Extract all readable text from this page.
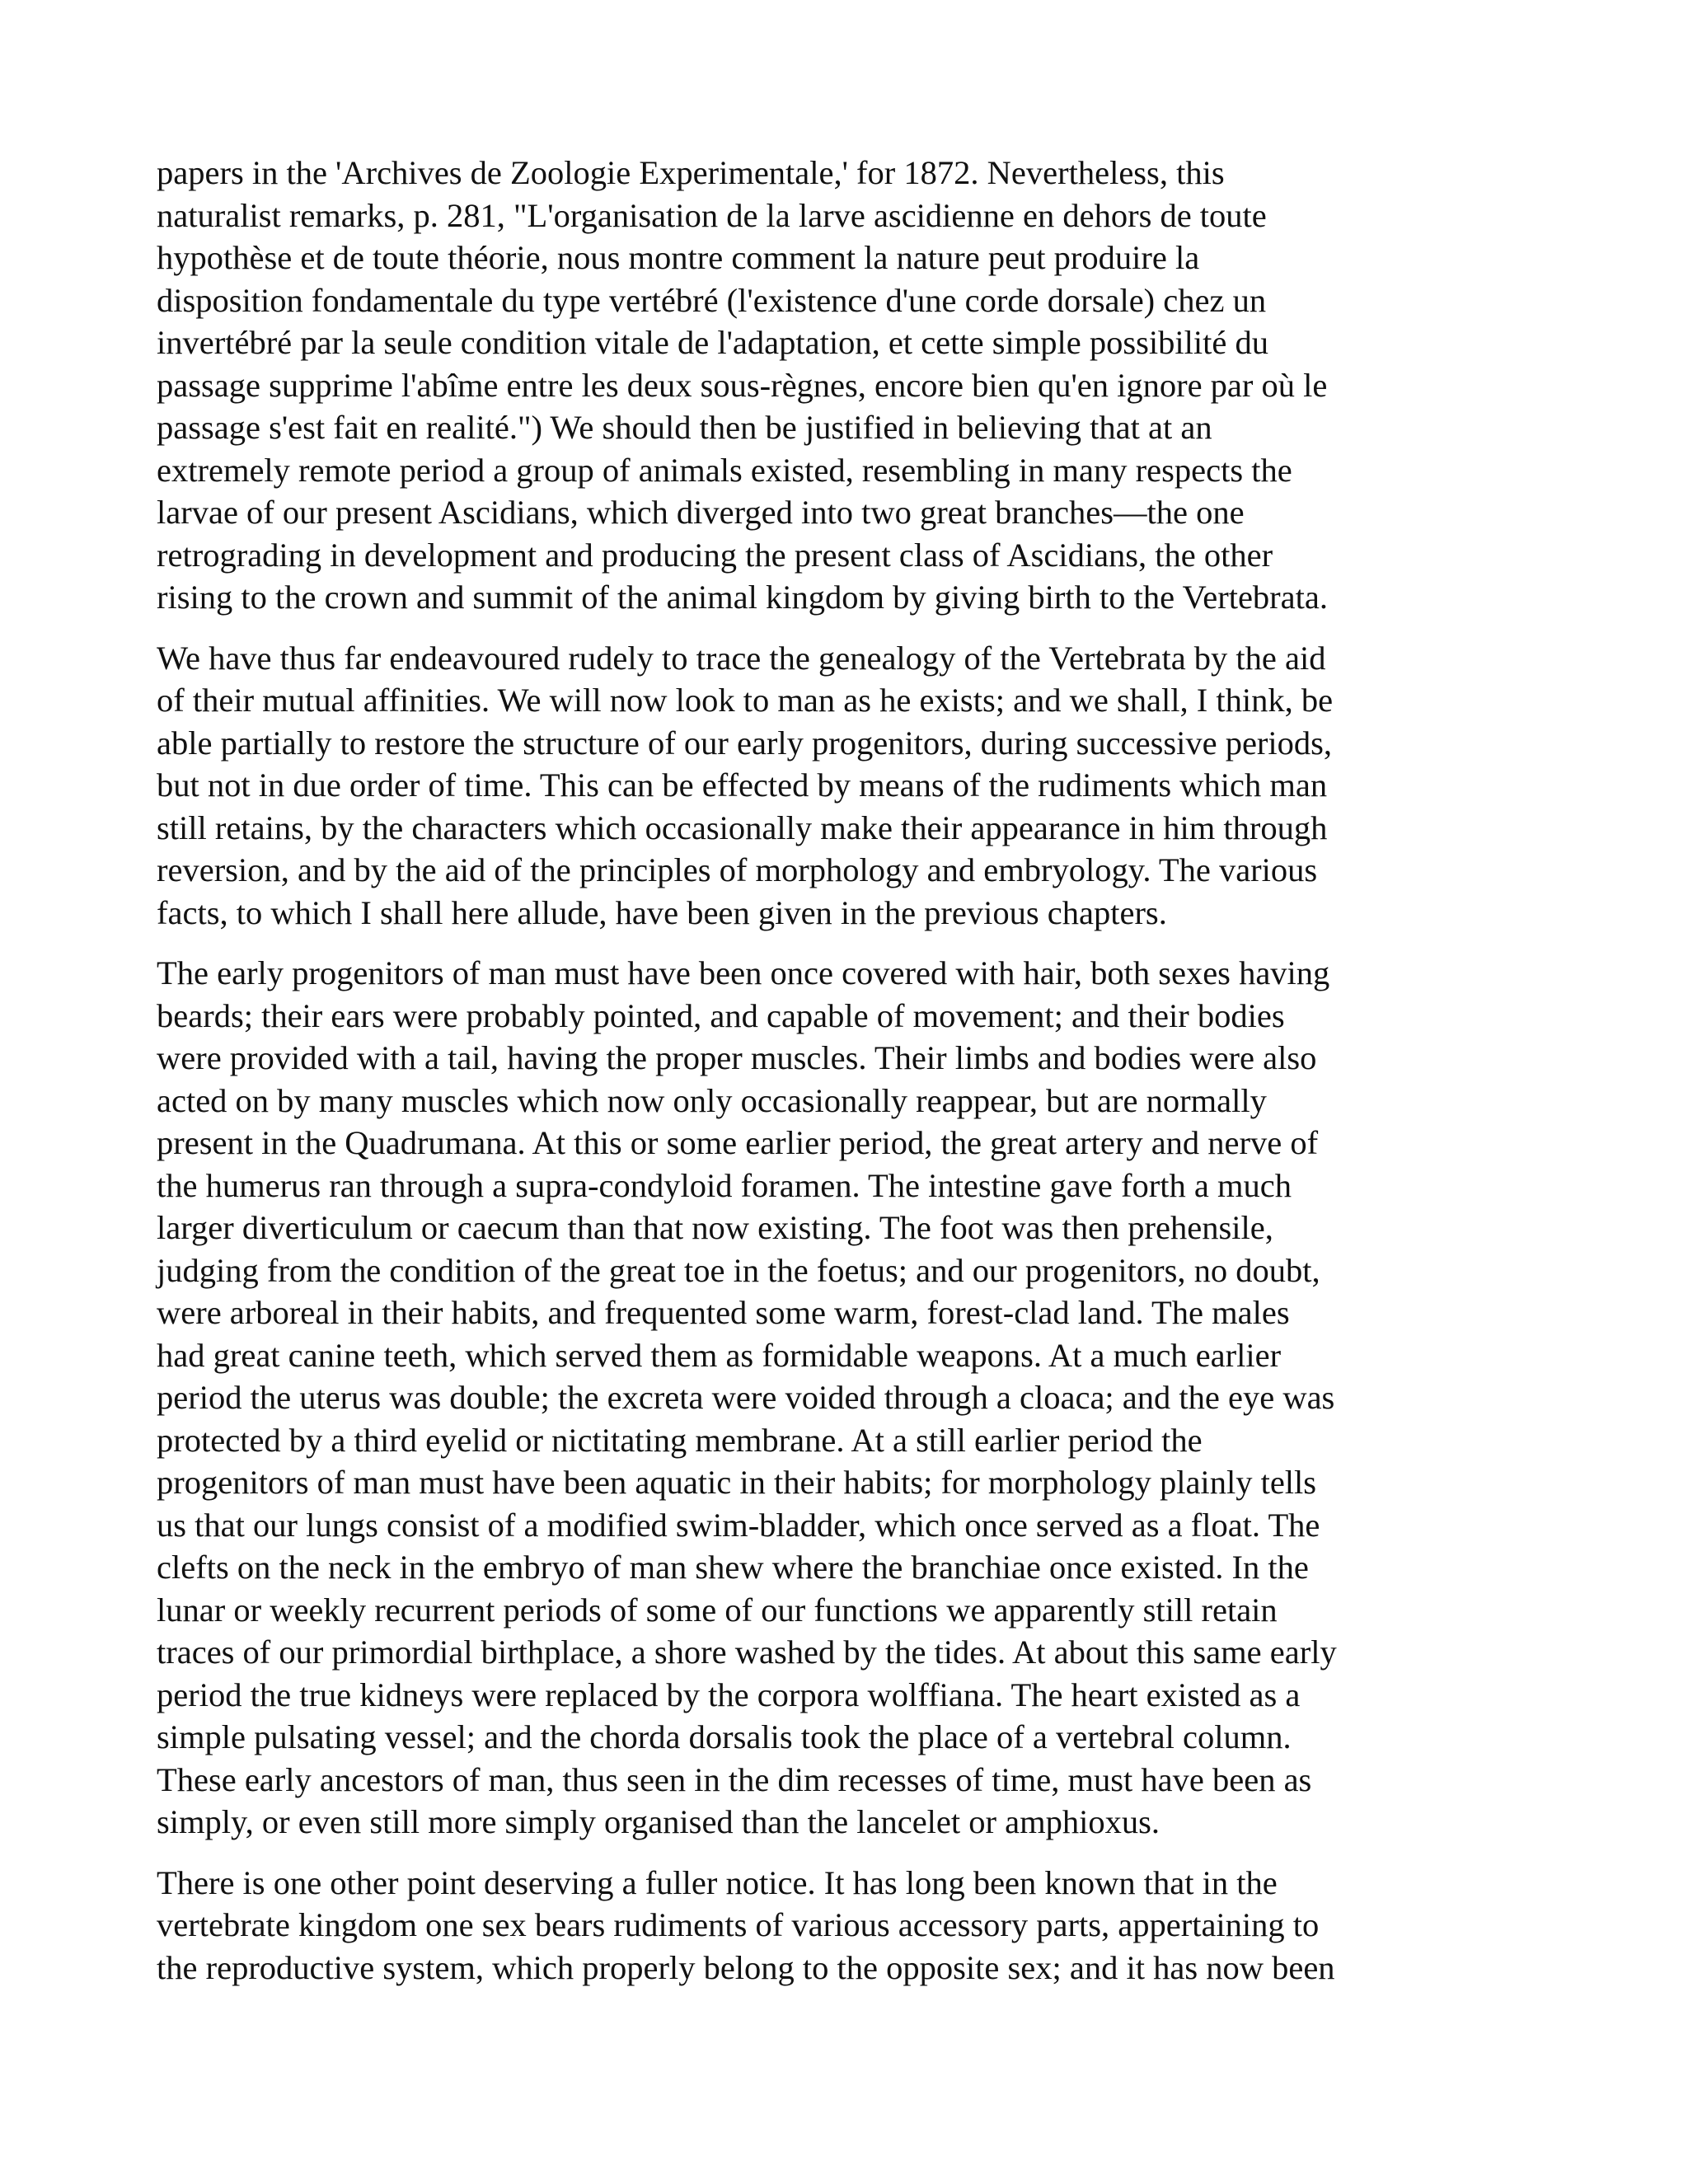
papers in the 'Archives de Zoologie Experimentale,' for 1872. Nevertheless, this
naturalist remarks, p. 281, "L'organisation de la larve ascidienne en dehors de toute
hypothèse et de toute théorie, nous montre comment la nature peut produire la
disposition fondamentale du type vertébré (l'existence d'une corde dorsale) chez un
invertébré par la seule condition vitale de l'adaptation, et cette simple possibilité du
passage supprime l'abîme entre les deux sous-règnes, encore bien qu'en ignore par où le
passage s'est fait en realité.") We should then be justified in believing that at an
extremely remote period a group of animals existed, resembling in many respects the
larvae of our present Ascidians, which diverged into two great branches—the one
retrograding in development and producing the present class of Ascidians, the other
rising to the crown and summit of the animal kingdom by giving birth to the Vertebrata.

We have thus far endeavoured rudely to trace the genealogy of the Vertebrata by the aid
of their mutual affinities. We will now look to man as he exists; and we shall, I think, be
able partially to restore the structure of our early progenitors, during successive periods,
but not in due order of time. This can be effected by means of the rudiments which man
still retains, by the characters which occasionally make their appearance in him through
reversion, and by the aid of the principles of morphology and embryology. The various
facts, to which I shall here allude, have been given in the previous chapters.

The early progenitors of man must have been once covered with hair, both sexes having
beards; their ears were probably pointed, and capable of movement; and their bodies
were provided with a tail, having the proper muscles. Their limbs and bodies were also
acted on by many muscles which now only occasionally reappear, but are normally
present in the Quadrumana. At this or some earlier period, the great artery and nerve of
the humerus ran through a supra-condyloid foramen. The intestine gave forth a much
larger diverticulum or caecum than that now existing. The foot was then prehensile,
judging from the condition of the great toe in the foetus; and our progenitors, no doubt,
were arboreal in their habits, and frequented some warm, forest-clad land. The males
had great canine teeth, which served them as formidable weapons. At a much earlier
period the uterus was double; the excreta were voided through a cloaca; and the eye was
protected by a third eyelid or nictitating membrane. At a still earlier period the
progenitors of man must have been aquatic in their habits; for morphology plainly tells
us that our lungs consist of a modified swim-bladder, which once served as a float. The
clefts on the neck in the embryo of man shew where the branchiae once existed. In the
lunar or weekly recurrent periods of some of our functions we apparently still retain
traces of our primordial birthplace, a shore washed by the tides. At about this same early
period the true kidneys were replaced by the corpora wolffiana. The heart existed as a
simple pulsating vessel; and the chorda dorsalis took the place of a vertebral column.
These early ancestors of man, thus seen in the dim recesses of time, must have been as
simply, or even still more simply organised than the lancelet or amphioxus.

There is one other point deserving a fuller notice. It has long been known that in the
vertebrate kingdom one sex bears rudiments of various accessory parts, appertaining to
the reproductive system, which properly belong to the opposite sex; and it has now been
